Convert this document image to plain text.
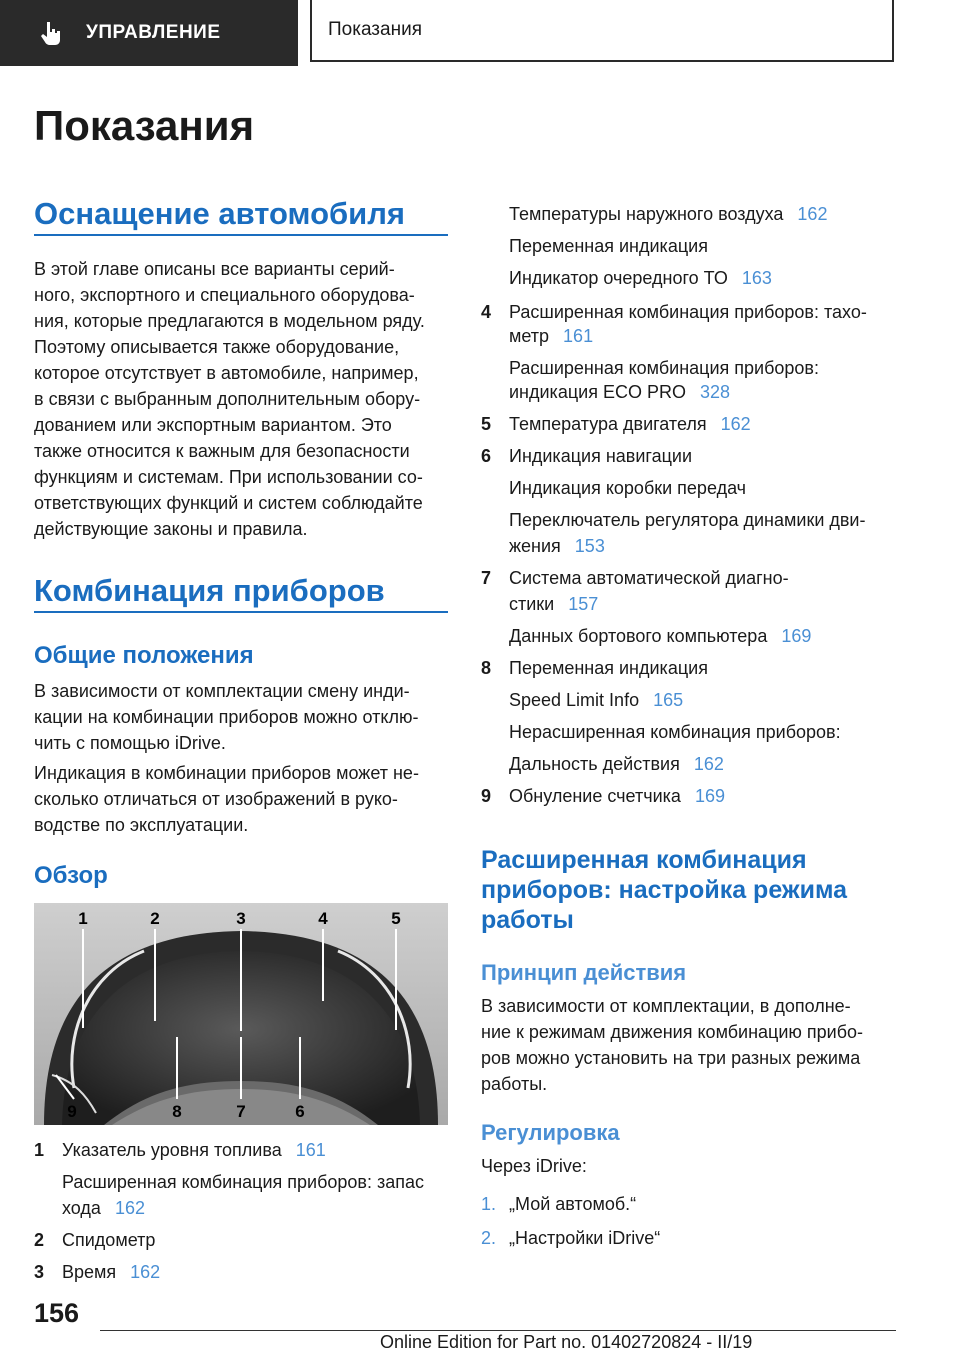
УПРАВЛЕНИЕ	Показания
Показания
Оснащение автомобиля

В этой главе описаны все варианты серий-
ного, экспортного и специального оборудова-
ния, которые предлагаются в модельном ряду.
Поэтому описывается также оборудование,
которое отсутствует в автомобиле, например,
в связи с выбранным дополнительным обору-
дованием или экспортным вариантом. Это
также относится к важным для безопасности
функциям и системам. При использовании со-
ответствующих функций и систем соблюдайте
действующие законы и правила.

Комбинация приборов
Общие положения

В зависимости от комплектации смену инди-
кации на комбинации приборов можно отклю-
чить с помощью iDrive.

Индикация в комбинации приборов может не-
сколько отличаться от изображений в руко-
водстве по эксплуатации.

Обзор
1	2	3	4	5
9	8	7	6
1 Указатель уровня топлива 161
Расширенная комбинация приборов: запас
хода 162
2 Спидометр
3 Время 162
Температуры наружного воздуха 162
Переменная индикация
Индикатор очередного ТО 163
4 Расширенная комбинация приборов: тахо-
метр 161
Расширенная комбинация приборов:
индикация ECO PRO 328
5 Температура двигателя 162
6 Индикация навигации
Индикация коробки передач
Переключатель регулятора динамики дви-
жения 153
7 Система автоматической диагно-
стики 157
Данных бортового компьютера 169
8 Переменная индикация
Speed Limit Info 165
Нерасширенная комбинация приборов:
Дальность действия 162
9 Обнуление счетчика 169
Расширенная комбинация
приборов: настройка режима
работы
Принцип действия

В зависимости от комплектации, в дополне-
ние к режимам движения комбинацию прибо-
ров можно установить на три разных режима
работы.

Регулировка

Через iDrive:

1. „Мой автомоб.“
2. „Настройки iDrive“
156
Online Edition for Part no. 01402720824 - II/19
